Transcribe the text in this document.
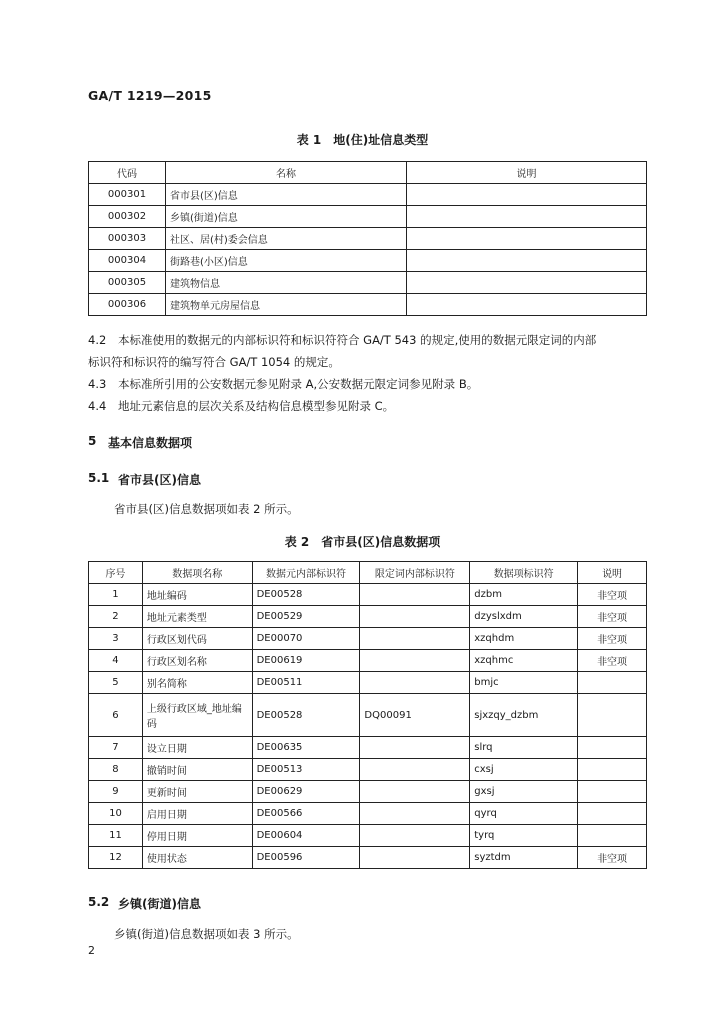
GA/T 1219—2015
表 1　地(住)址信息类型
代码	名称	说明
000301	省市县(区)信息	
000302	乡镇(街道)信息	
000303	社区、居(村)委会信息	
000304	街路巷(小区)信息	
000305	建筑物信息	
000306	建筑物单元房屋信息	
4.2 本标准使用的数据元的内部标识符和标识符符合 GA/T 543 的规定,使用的数据元限定词的内部
标识符和标识符的编写符合 GA/T 1054 的规定。
4.3 本标准所引用的公安数据元参见附录 A,公安数据元限定词参见附录 B。
4.4 地址元素信息的层次关系及结构信息模型参见附录 C。
5 基本信息数据项
5.1 省市县(区)信息
省市县(区)信息数据项如表 2 所示。
表 2　省市县(区)信息数据项
序号	数据项名称	数据元内部标识符	限定词内部标识符	数据项标识符	说明
1	地址编码	DE00528		dzbm	非空项
2	地址元素类型	DE00529		dzyslxdm	非空项
3	行政区划代码	DE00070		xzqhdm	非空项
4	行政区划名称	DE00619		xzqhmc	非空项
5	别名简称	DE00511		bmjc	
6	上级行政区域_地址编码	DE00528	DQ00091	sjxzqy_dzbm	
7	设立日期	DE00635		slrq	
8	撤销时间	DE00513		cxsj	
9	更新时间	DE00629		gxsj	
10	启用日期	DE00566		qyrq	
11	停用日期	DE00604		tyrq	
12	使用状态	DE00596		syztdm	非空项
5.2 乡镇(街道)信息
乡镇(街道)信息数据项如表 3 所示。
2
